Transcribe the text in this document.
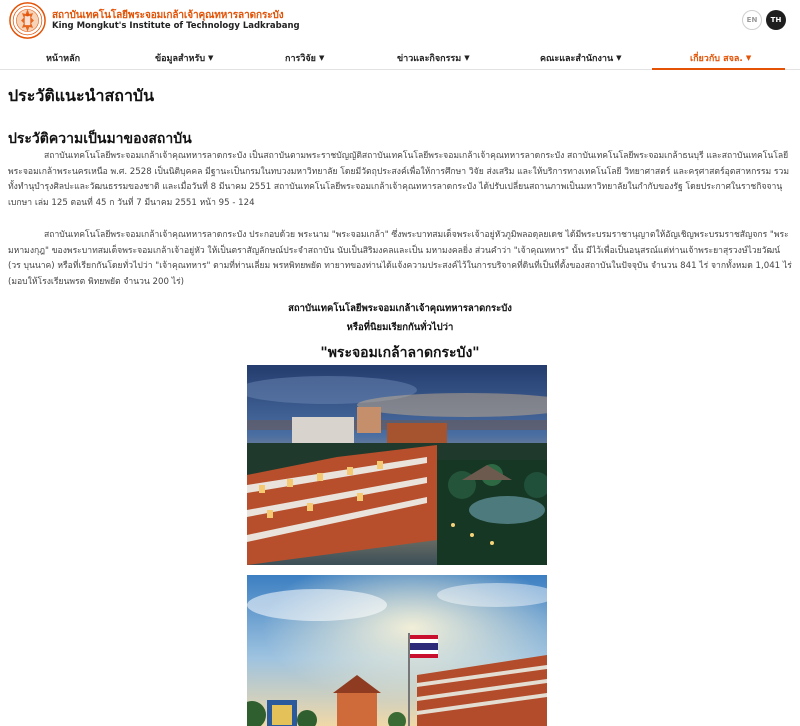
สถาบันเทคโนโลยีพระจอมเกล้าเจ้าคุณทหารลาดกระบัง
King Mongkut's Institute of Technology Ladkrabang
EN	TH
หน้าหลัก	ข้อมูลสำหรับ ▼	การวิจัย ▼	ข่าวและกิจกรรม ▼	คณะและสำนักงาน ▼	เกี่ยวกับ สจล. ▼
ประวัติแนะนำสถาบัน
ประวัติความเป็นมาของสถาบัน

สถาบันเทคโนโลยีพระจอมเกล้าเจ้าคุณทหารลาดกระบัง เป็นสถาบันตามพระราชบัญญัติสถาบันเทคโนโลยีพระจอมเกล้าเจ้าคุณทหารลาดกระบัง สถาบันเทคโนโลยีพระจอมเกล้าธนบุรี และสถาบันเทคโนโลยีพระจอมเกล้าพระนครเหนือ พ.ศ. 2528 เป็นนิติบุคคล มีฐานะเป็นกรมในทบวงมหาวิทยาลัย โดยมีวัตถุประสงค์เพื่อให้การศึกษา วิจัย ส่งเสริม และให้บริการทางเทคโนโลยี วิทยาศาสตร์ และครุศาสตร์อุตสาหกรรม รวมทั้งทำนุบำรุงศิลปะและวัฒนธรรมของชาติ และเมื่อวันที่ 8 มีนาคม 2551 สถาบันเทคโนโลยีพระจอมเกล้าเจ้าคุณทหารลาดกระบัง ได้ปรับเปลี่ยนสถานภาพเป็นมหาวิทยาลัยในกำกับของรัฐ โดยประกาศในราชกิจจานุเบกษา เล่ม 125 ตอนที่ 45 ก วันที่ 7 มีนาคม 2551 หน้า 95 - 124

สถาบันเทคโนโลยีพระจอมเกล้าเจ้าคุณทหารลาดกระบัง ประกอบด้วย พระนาม "พระจอมเกล้า" ซึ่งพระบาทสมเด็จพระเจ้าอยู่หัวภูมิพลอดุลยเดช ได้มีพระบรมราชานุญาตให้อัญเชิญพระบรมราชสัญจกร "พระมหามงกุฎ" ของพระบาทสมเด็จพระจอมเกล้าเจ้าอยู่หัว ให้เป็นตราสัญลักษณ์ประจำสถาบัน นับเป็นสิริมงคลและเป็น มหามงคลยิ่ง ส่วนคำว่า "เจ้าคุณทหาร" นั้น มีไว้เพื่อเป็นอนุสรณ์แด่ท่านเจ้าพระยาสุรวงษ์ไวยวัฒน์ (วร บุนนาค) หรือที่เรียกกันโดยทั่วไปว่า "เจ้าคุณทหาร" ตามที่ท่านเลี่ยม พรหพิทยพยัต ทายาทของท่านได้แจ้งความประสงค์ไว้ในการบริจาคที่ดินที่เป็นที่ตั้งของสถาบันในปัจจุบัน จำนวน 841 ไร่ จากทั้งหมด 1,041 ไร่ (มอบให้โรงเรียนพรต พิทยพยัต จำนวน 200 ไร่)

สถาบันเทคโนโลยีพระจอมเกล้าเจ้าคุณทหารลาดกระบัง
หรือที่นิยมเรียกกันทั่วไปว่า
"พระจอมเกล้าลาดกระบัง"
